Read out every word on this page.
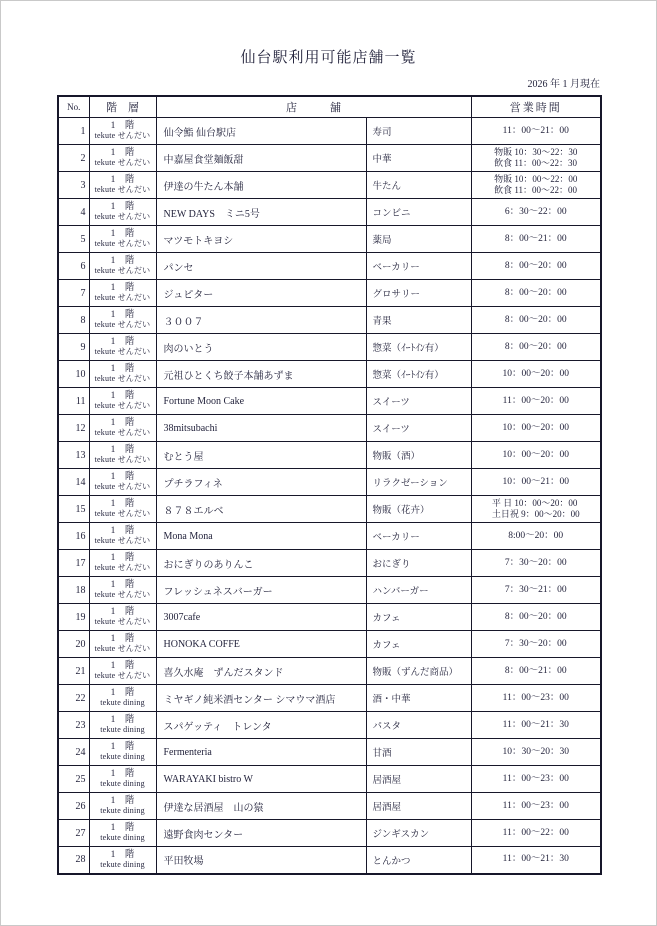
仙台駅利用可能店舗一覧
2026 年 1 月現在
No.	階　層	店　　　舗		営業時間
1	1　階
tekute せんだい	仙令鮨 仙台駅店	寿司	11：00～21：00

2	1　階
tekute せんだい	中嘉屋食堂麺飯甜	中華	
物販 10：30～22：30
飲食 11：00～22：30

3	1　階
tekute せんだい	伊達の牛たん本舗	牛たん	
物販 10：00～22：00
飲食 11：00～22：00

4	1　階
tekute せんだい	NEW DAYS　ミニ5号	コンビニ	6：30～22：00

5	1　階
tekute せんだい	マツモトキヨシ	薬局	8：00～21：00

6	1　階
tekute せんだい	パンセ	ベーカリー	8：00～20：00

7	1　階
tekute せんだい	ジュピター	グロサリー	8：00～20：00

8	1　階
tekute せんだい	３００７	青果	8：00～20：00

9	1　階
tekute せんだい	肉のいとう	惣菜（ｲｰﾄｲﾝ有）	8：00～20：00

10	1　階
tekute せんだい	元祖ひとくち餃子本舗あずま	惣菜（ｲｰﾄｲﾝ有）	10：00～20：00

11	1　階
tekute せんだい	Fortune Moon Cake	スイーツ	11：00～20：00

12	1　階
tekute せんだい	38mitsubachi	スイーツ	10：00～20：00

13	1　階
tekute せんだい	むとう屋	物販（酒）	10：00～20：00

14	1　階
tekute せんだい	プチラフィネ	リラクゼーション	10：00～21：00

15	1　階
tekute せんだい	８７８エルベ	物販（花卉）	
平 日 10：00～20：00
土日祝 9：00～20：00

16	1　階
tekute せんだい	Mona Mona	ベーカリー	8:00～20：00

17	1　階
tekute せんだい	おにぎりのありんこ	おにぎり	7：30～20：00

18	1　階
tekute せんだい	フレッシュネスバーガー	ハンバーガー	7：30～21：00

19	1　階
tekute せんだい	3007cafe	カフェ	8：00～20：00

20	1　階
tekute せんだい	HONOKA COFFE	カフェ	7：30～20：00

21	1　階
tekute せんだい	喜久水庵　ずんだスタンド	物販（ずんだ商品）	8：00～21：00

22	1　階
tekute dining	ミヤギノ純米酒センター シマウマ酒店	酒・中華	11：00～23：00

23	1　階
tekute dining	スパゲッティ　トレンタ	パスタ	11：00～21：30

24	1　階
tekute dining	Fermenteria	甘酒	10：30～20：30

25	1　階
tekute dining	WARAYAKI bistro W	居酒屋	11：00～23：00

26	1　階
tekute dining	伊達な居酒屋　山の猿	居酒屋	11：00～23：00

27	1　階
tekute dining	遠野食肉センター	ジンギスカン	11：00～22：00

28	1　階
tekute dining	平田牧場	とんかつ	11：00～21：30
